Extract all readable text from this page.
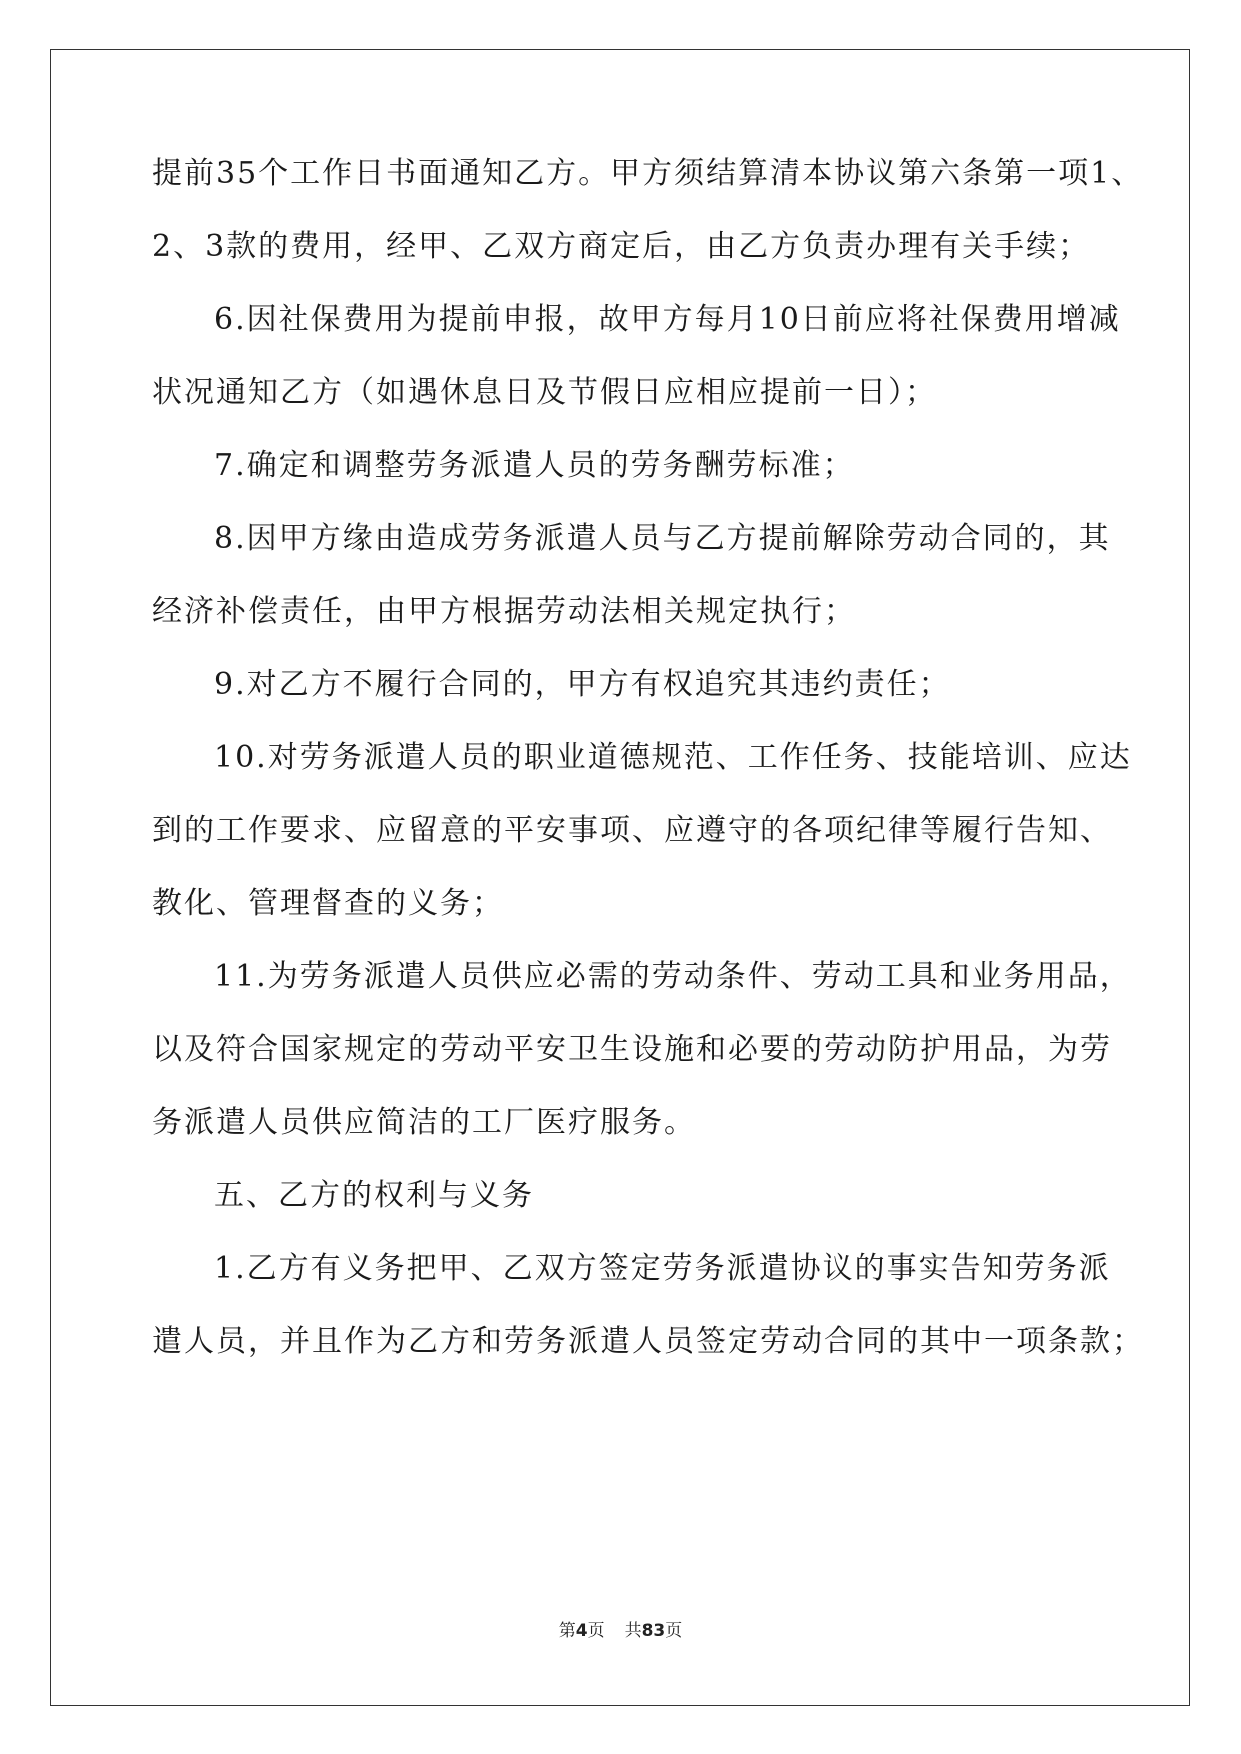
提前35个工作日书面通知乙方。甲方须结算清本协议第六条第一项1、
2、3款的费用，经甲、乙双方商定后，由乙方负责办理有关手续；
6.因社保费用为提前申报，故甲方每月10日前应将社保费用增减
状况通知乙方（如遇休息日及节假日应相应提前一日）；
7.确定和调整劳务派遣人员的劳务酬劳标准；
8.因甲方缘由造成劳务派遣人员与乙方提前解除劳动合同的，其
经济补偿责任，由甲方根据劳动法相关规定执行；
9.对乙方不履行合同的，甲方有权追究其违约责任；
10.对劳务派遣人员的职业道德规范、工作任务、技能培训、应达
到的工作要求、应留意的平安事项、应遵守的各项纪律等履行告知、
教化、管理督查的义务；
11.为劳务派遣人员供应必需的劳动条件、劳动工具和业务用品，
以及符合国家规定的劳动平安卫生设施和必要的劳动防护用品，为劳
务派遣人员供应简洁的工厂医疗服务。
五、乙方的权利与义务
1.乙方有义务把甲、乙双方签定劳务派遣协议的事实告知劳务派
遣人员，并且作为乙方和劳务派遣人员签定劳动合同的其中一项条款；
第4页 共83页
